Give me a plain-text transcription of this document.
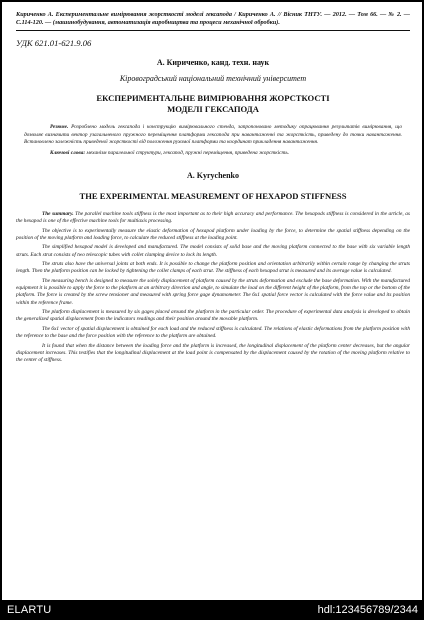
Кириченко А. Експериментальне вимірювання жорсткості моделі гексапода / Кириченко А. // Вісник ТНТУ. — 2012. — Том 66. — № 2. — С.114-120. — (машинобудування, автоматизація виробництва та процеси механічної обробки).

УДК 621.01-621.9.06

А. Кириченко, канд. техн. наук

Кіровоградський національний технічний університет

ЕКСПЕРИМЕНТАЛЬНЕ ВИМІРЮВАННЯ ЖОРСТКОСТІ
МОДЕЛІ ГЕКСАПОДА

Резюме. Розроблено модель гексапода і конструкцію вимірювального стенда, запропоновано методику опрацювання результатів вимірювання, що дозволяє визначити вектор узагальненого пружного переміщення платформи гексапода при навантаженні та жорсткість, приведену до точки навантаження. Встановлено залежність приведеної жорсткості від положення рухомої платформи та координат прикладення навантаження.

Ключові слова: механізм паралельної структури, гексапод, пружні переміщення, приведена жорсткість.

A. Kyrychenko

THE EXPERIMENTAL MEASUREMENT OF HEXAPOD STIFFNESS

The summary. The parallel machine tools stiffness is the most important as to their high accuracy and performance. The hexapods stiffness is considered in the article, as the hexapod is one of the effective machine tools for multiaxis processing.

The objective is to experimentally measure the elastic deformation of hexapod platform under loading by the force, to determine the spatial stiffness depending on the position of the moving platform and loading force, to calculate the reduced stiffness at the loading point.

The simplified hexapod model is developed and manufactured. The model consists of solid base and the moving platform connected to the base with six variable length struts. Each strut consists of two telescopic tubes with collet clamping device to lock its length.

The struts also have the universal joints at both ends. It is possible to change the platform position and orientation arbitrarily within certain range by changing the struts length. Then the platform position can be locked by tightening the collet clamps of each strut. The stiffness of each hexapod strut is measured and its average value is calculated.

The measuring bench is designed to measure the solely displacement of platform caused by the struts deformation and exclude the base deformation. With the manufactured equipment it is possible to apply the force to the platform at an arbitrary direction and angle, to simulate the load on the different height of the platform, from the top or the bottom of the platform. The force is created by the screw tensioner and measured with spring force gage dynamometer. The 6x1 spatial force vector is calculated with the force value and its position within the reference frame.

The platform displacement is measured by six gages placed around the platform in the particular order. The procedure of experimental data analysis is developed to obtain the generalized spatial displacement from the indicators readings and their position around the movable platform.

The 6x1 vector of spatial displacement is obtained for each load and the reduced stiffness is calculated. The relations of elastic deformations from the platform position with the reference to the base and the force position with the reference to the platform are obtained.

It is found that when the distance between the loading force and the platform is increased, the longitudinal displacement of the platform center decreases, but the angular displacement increases. This testifies that the longitudinal displacement at the load point is compensated by the displacement caused by the rotation of the moving platform relative to the center of stiffness.

ELARTU	hdl:123456789/2344
